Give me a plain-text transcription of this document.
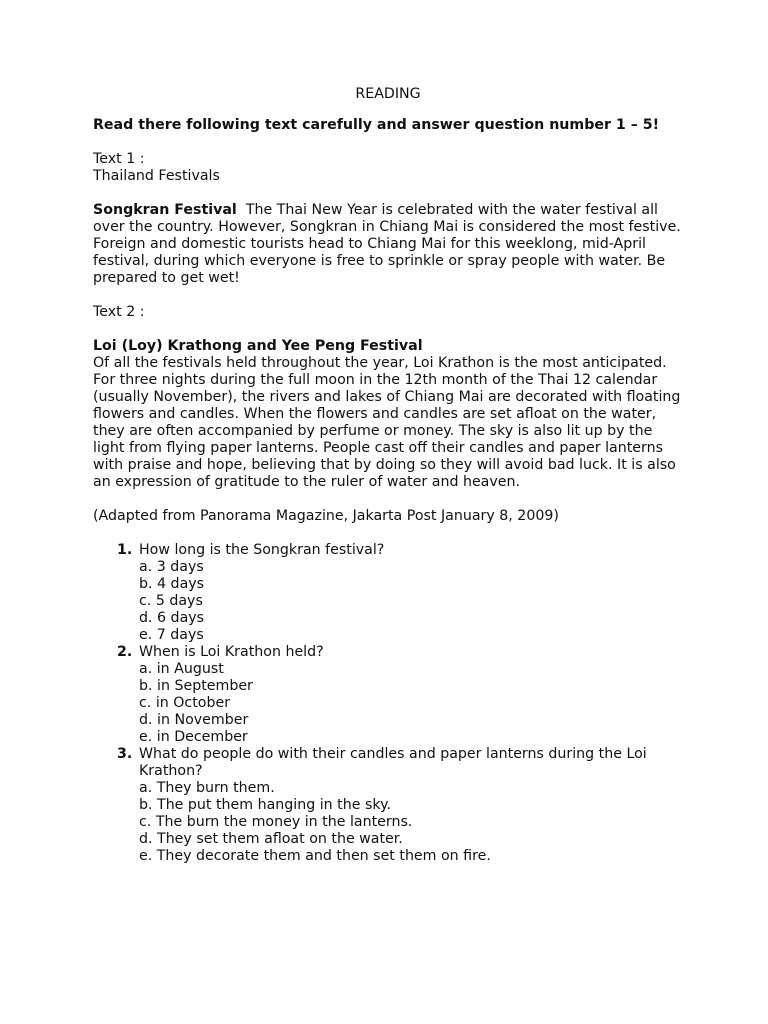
READING
Read there following text carefully and answer question number 1 – 5!
Text 1 :
Thailand Festivals
Songkran Festival The Thai New Year is celebrated with the water festival all over the country. However, Songkran in Chiang Mai is considered the most festive. Foreign and domestic tourists head to Chiang Mai for this weeklong, mid-April festival, during which everyone is free to sprinkle or spray people with water. Be prepared to get wet!
Text 2 :
Loi (Loy) Krathong and Yee Peng Festival
Of all the festivals held throughout the year, Loi Krathon is the most anticipated. For three nights during the full moon in the 12th month of the Thai 12 calendar (usually November), the rivers and lakes of Chiang Mai are decorated with floating flowers and candles. When the flowers and candles are set afloat on the water, they are often accompanied by perfume or money. The sky is also lit up by the light from flying paper lanterns. People cast off their candles and paper lanterns with praise and hope, believing that by doing so they will avoid bad luck. It is also an expression of gratitude to the ruler of water and heaven.
(Adapted from Panorama Magazine, Jakarta Post January 8, 2009)
1. How long is the Songkran festival?
a. 3 days
b. 4 days
c. 5 days
d. 6 days
e. 7 days
2. When is Loi Krathon held?
a. in August
b. in September
c. in October
d. in November
e. in December
3. What do people do with their candles and paper lanterns during the Loi Krathon?
a. They burn them.
b. The put them hanging in the sky.
c. The burn the money in the lanterns.
d. They set them afloat on the water.
e. They decorate them and then set them on fire.
